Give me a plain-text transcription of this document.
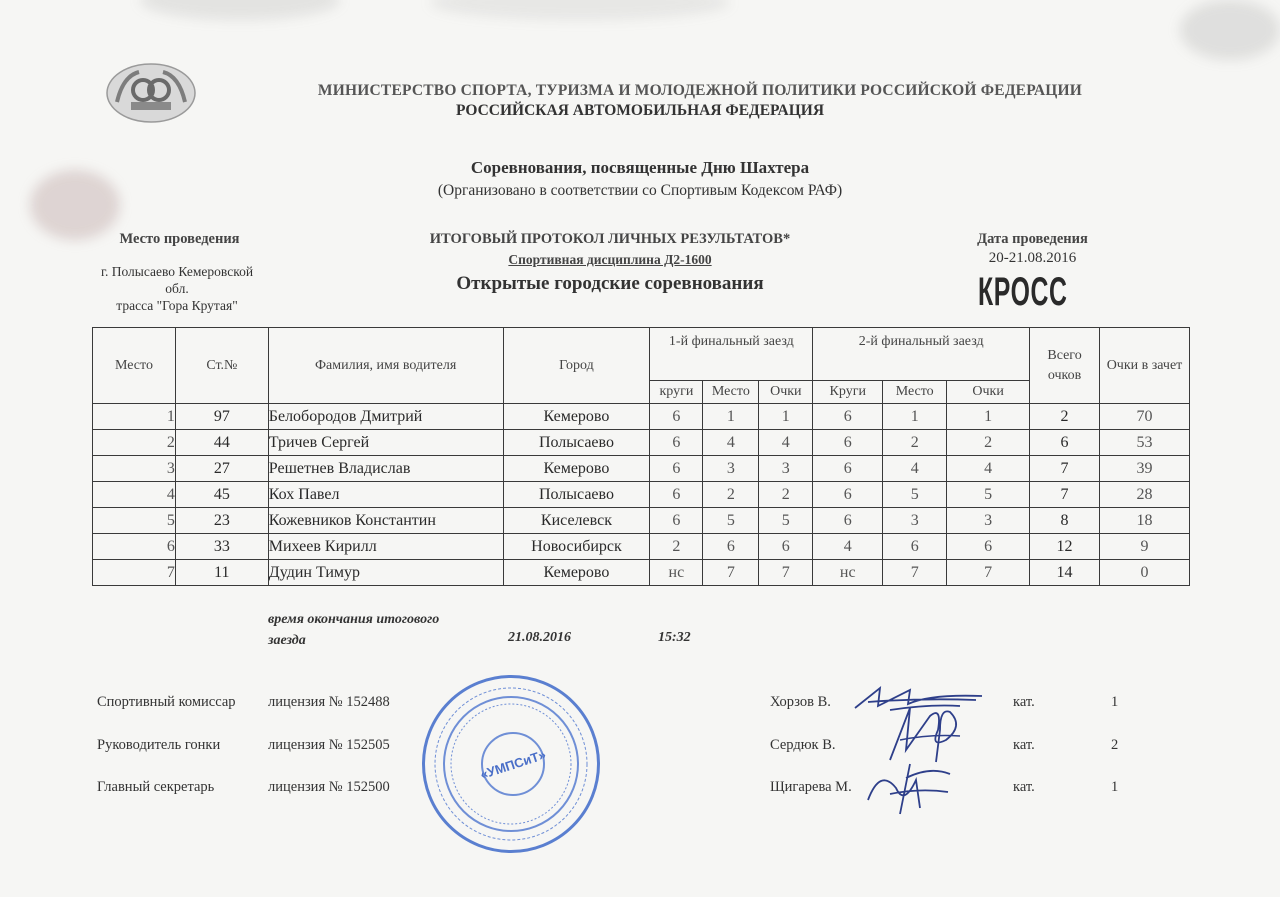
МИНИСТЕРСТВО СПОРТА, ТУРИЗМА И МОЛОДЕЖНОЙ ПОЛИТИКИ РОССИЙСКОЙ ФЕДЕРАЦИИ
РОССИЙСКАЯ АВТОМОБИЛЬНАЯ ФЕДЕРАЦИЯ
Соревнования, посвященные Дню Шахтера
(Организовано в соответствии со Спортивым Кодексом РАФ)
Место проведения
г. Полысаево Кемеровской
обл.
трасса "Гора Крутая"
ИТОГОВЫЙ ПРОТОКОЛ ЛИЧНЫХ РЕЗУЛЬТАТОВ*
Спортивная дисциплина Д2-1600
Открытые городские соревнования
Дата проведения
20-21.08.2016
КРОСС
Место	Ст.№	Фамилия, имя водителя	Город	1-й финальный заезд			2-й финальный заезд			Всего очков	Очки в зачет
				круги	Место	Очки	Круги	Место	Очки		
1	97	Белобородов Дмитрий	Кемерово	6	1	1	6	1	1	2	70
2	44	Тричев Сергей	Полысаево	6	4	4	6	2	2	6	53
3	27	Решетнев Владислав	Кемерово	6	3	3	6	4	4	7	39
4	45	Кох Павел	Полысаево	6	2	2	6	5	5	7	28
5	23	Кожевников Константин	Киселевск	6	5	5	6	3	3	8	18
6	33	Михеев Кирилл	Новосибирск	2	6	6	4	6	6	12	9
7	11	Дудин Тимур	Кемерово	нс	7	7	нс	7	7	14	0
время окончания итогового
заезда	21.08.2016	15:32
Спортивный комиссар лицензия № 152488	Хорзов В.	кат.	1
Руководитель гонки	лицензия № 152505	Сердюк В.	кат.	2
Главный секретарь	лицензия № 152500	Щигарева М.	кат.	1
«УМПСиТ»
